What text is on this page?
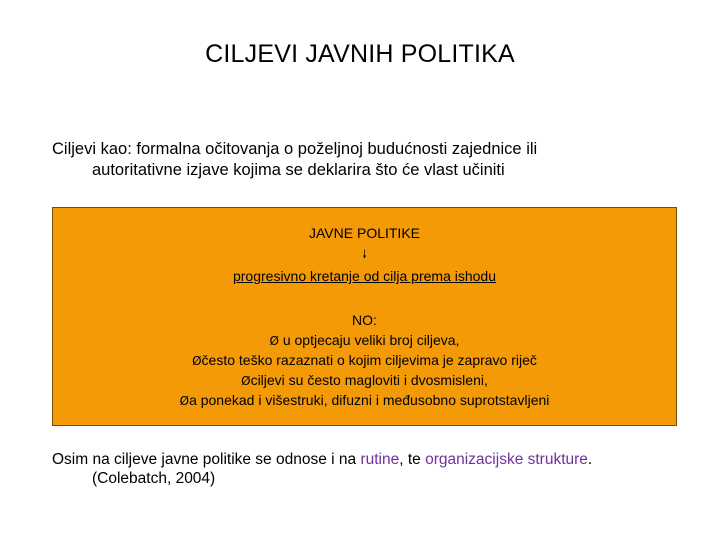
CILJEVI JAVNIH POLITIKA
Ciljevi kao: formalna očitovanja o poželjnoj budućnosti zajednice ili
autoritativne izjave kojima se deklarira što će vlast učiniti
JAVNE POLITIKE
progresivno kretanje od cilja prema ishodu
NO:
Ø u optjecaju veliki broj ciljeva,
Øčesto teško razaznati o kojim ciljevima je zapravo riječ
Øciljevi su često magloviti i dvosmisleni,
Øa ponekad i višestruki, difuzni i međusobno suprotstavljeni
Osim na ciljeve javne politike se odnose i na rutine, te organizacijske strukture.
(Colebatch, 2004)
